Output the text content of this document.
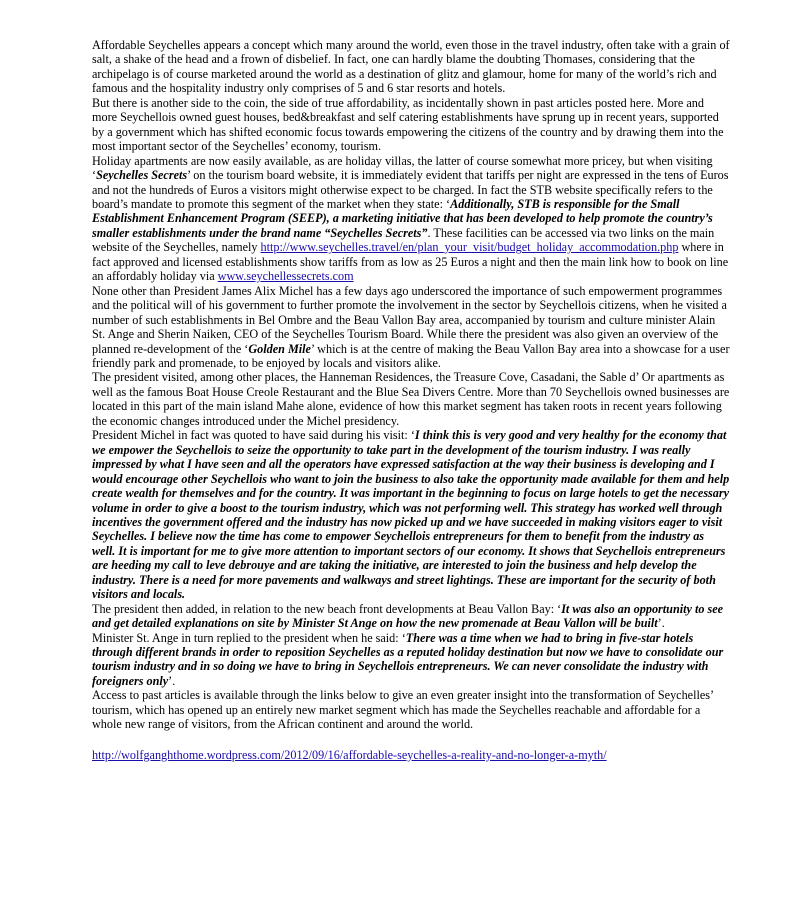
Affordable Seychelles appears a concept which many around the world, even those in the travel industry, often take with a grain of salt, a shake of the head and a frown of disbelief. In fact, one can hardly blame the doubting Thomases, considering that the archipelago is of course marketed around the world as a destination of glitz and glamour, home for many of the world’s rich and famous and the hospitality industry only comprises of 5 and 6 star resorts and hotels.

But there is another side to the coin, the side of true affordability, as incidentally shown in past articles posted here. More and more Seychellois owned guest houses, bed&breakfast and self catering establishments have sprung up in recent years, supported by a government which has shifted economic focus towards empowering the citizens of the country and by drawing them into the most important sector of the Seychelles’ economy, tourism.

Holiday apartments are now easily available, as are holiday villas, the latter of course somewhat more pricey, but when visiting ‘Seychelles Secrets’ on the tourism board website, it is immediately evident that tariffs per night are expressed in the tens of Euros and not the hundreds of Euros a visitors might otherwise expect to be charged. In fact the STB website specifically refers to the board’s mandate to promote this segment of the market when they state: ‘Additionally, STB is responsible for the Small Establishment Enhancement Program (SEEP), a marketing initiative that has been developed to help promote the country’s smaller establishments under the brand name “Seychelles Secrets”. These facilities can be accessed via two links on the main website of the Seychelles, namely http://www.seychelles.travel/en/plan_your_visit/budget_holiday_accommodation.php where in fact approved and licensed establishments show tariffs from as low as 25 Euros a night and then the main link how to book on line an affordably holiday via www.seychellessecrets.com

None other than President James Alix Michel has a few days ago underscored the importance of such empowerment programmes and the political will of his government to further promote the involvement in the sector by Seychellois citizens, when he visited a number of such establishments in Bel Ombre and the Beau Vallon Bay area, accompanied by tourism and culture minister Alain St. Ange and Sherin Naiken, CEO of the Seychelles Tourism Board. While there the president was also given an overview of the planned re-development of the ‘Golden Mile’ which is at the centre of making the Beau Vallon Bay area into a showcase for a user friendly park and promenade, to be enjoyed by locals and visitors alike.

The president visited, among other places, the Hanneman Residences, the Treasure Cove, Casadani, the Sable d’ Or apartments as well as the famous Boat House Creole Restaurant and the Blue Sea Divers Centre. More than 70 Seychellois owned businesses are located in this part of the main island Mahe alone, evidence of how this market segment has taken roots in recent years following the economic changes introduced under the Michel presidency.

President Michel in fact was quoted to have said during his visit: ‘I think this is very good and very healthy for the economy that we empower the Seychellois to seize the opportunity to take part in the development of the tourism industry. I was really impressed by what I have seen and all the operators have expressed satisfaction at the way their business is developing and I would encourage other Seychellois who want to join the business to also take the opportunity made available for them and help create wealth for themselves and for the country. It was important in the beginning to focus on large hotels to get the necessary volume in order to give a boost to the tourism industry, which was not performing well. This strategy has worked well through incentives the government offered and the industry has now picked up and we have succeeded in making visitors eager to visit Seychelles. I believe now the time has come to empower Seychellois entrepreneurs for them to benefit from the industry as well. It is important for me to give more attention to important sectors of our economy. It shows that Seychellois entrepreneurs are heeding my call to leve debrouye and are taking the initiative, are interested to join the business and help develop the industry. There is a need for more pavements and walkways and street lightings. These are important for the security of both visitors and locals.

The president then added, in relation to the new beach front developments at Beau Vallon Bay: ‘It was also an opportunity to see and get detailed explanations on site by Minister St Ange on how the new promenade at Beau Vallon will be built’.

Minister St. Ange in turn replied to the president when he said: ‘There was a time when we had to bring in five-star hotels through different brands in order to reposition Seychelles as a reputed holiday destination but now we have to consolidate our tourism industry and in so doing we have to bring in Seychellois entrepreneurs. We can never consolidate the industry with foreigners only’.

Access to past articles is available through the links below to give an even greater insight into the transformation of Seychelles’ tourism, which has opened up an entirely new market segment which has made the Seychelles reachable and affordable for a whole new range of visitors, from the African continent and around the world.

http://wolfganghthome.wordpress.com/2012/09/16/affordable-seychelles-a-reality-and-no-longer-a-myth/
